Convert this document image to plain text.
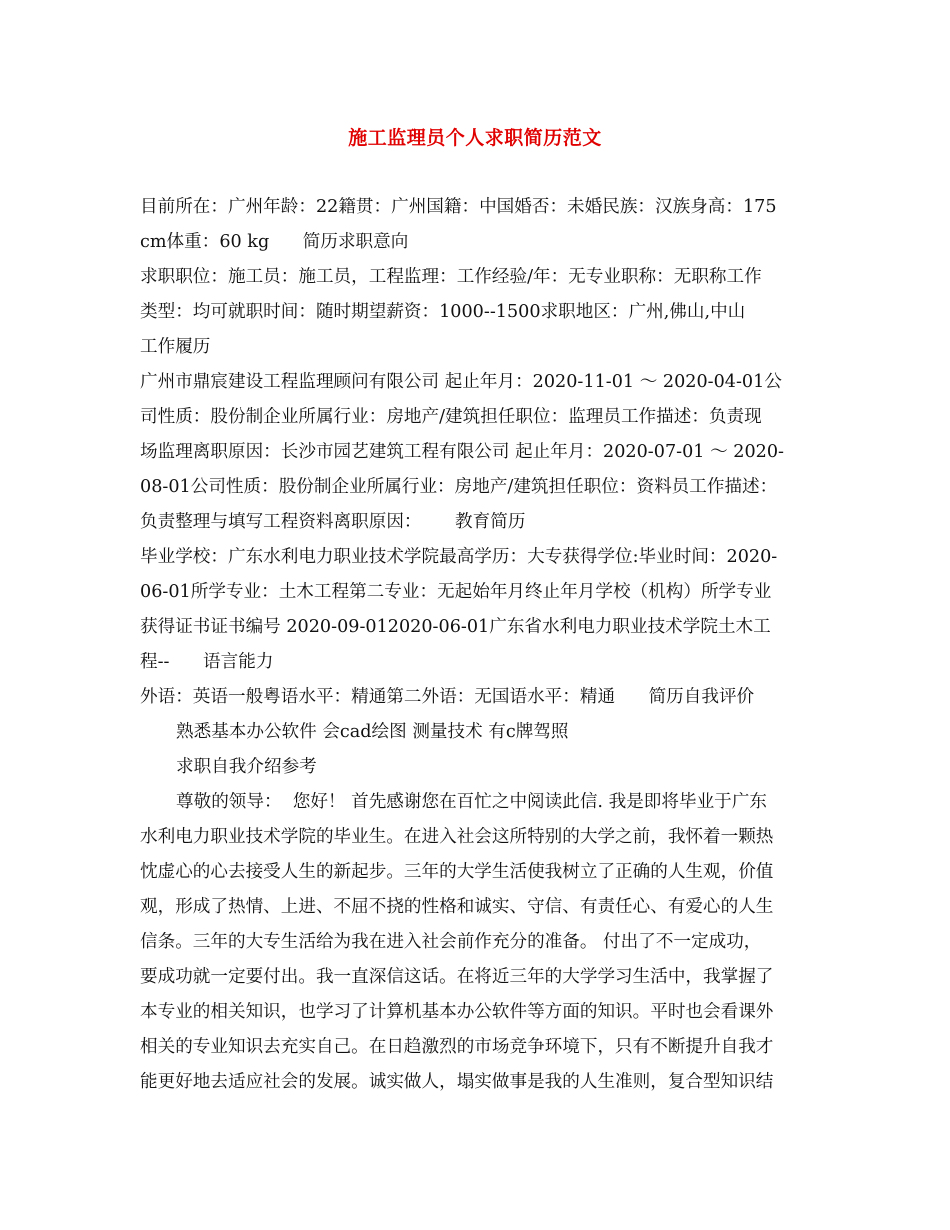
施工监理员个人求职简历范文
目前所在：广州年龄：22籍贯：广州国籍：中国婚否：未婚民族：汉族身高：175
cm体重：60 kg      简历求职意向
求职职位：施工员：施工员，工程监理：工作经验/年：无专业职称：无职称工作
类型：均可就职时间：随时期望薪资：1000--1500求职地区：广州,佛山,中山
工作履历
广州市鼎宸建设工程监理顾问有限公司 起止年月：2020-11-01 ～ 2020-04-01公
司性质：股份制企业所属行业：房地产/建筑担任职位：监理员工作描述：负责现
场监理离职原因：长沙市园艺建筑工程有限公司 起止年月：2020-07-01 ～ 2020-
08-01公司性质：股份制企业所属行业：房地产/建筑担任职位：资料员工作描述：
负责整理与填写工程资料离职原因：      教育简历
毕业学校：广东水利电力职业技术学院最高学历：大专获得学位:毕业时间：2020-
06-01所学专业：土木工程第二专业：无起始年月终止年月学校（机构）所学专业
获得证书证书编号 2020-09-012020-06-01广东省水利电力职业技术学院土木工
程--      语言能力
外语：英语一般粤语水平：精通第二外语：无国语水平：精通      简历自我评价
熟悉基本办公软件 会cad绘图 测量技术 有c牌驾照
求职自我介绍参考
尊敬的领导：  您好！ 首先感谢您在百忙之中阅读此信. 我是即将毕业于广东
水利电力职业技术学院的毕业生。在进入社会这所特别的大学之前，我怀着一颗热
忱虚心的心去接受人生的新起步。三年的大学生活使我树立了正确的人生观，价值
观，形成了热情、上进、不屈不挠的性格和诚实、守信、有责任心、有爱心的人生
信条。三年的大专生活给为我在进入社会前作充分的准备。 付出了不一定成功，
要成功就一定要付出。我一直深信这话。在将近三年的大学学习生活中，我掌握了
本专业的相关知识，也学习了计算机基本办公软件等方面的知识。平时也会看课外
相关的专业知识去充实自己。在日趋激烈的市场竞争环境下，只有不断提升自我才
能更好地去适应社会的发展。诚实做人，塌实做事是我的人生准则，复合型知识结
